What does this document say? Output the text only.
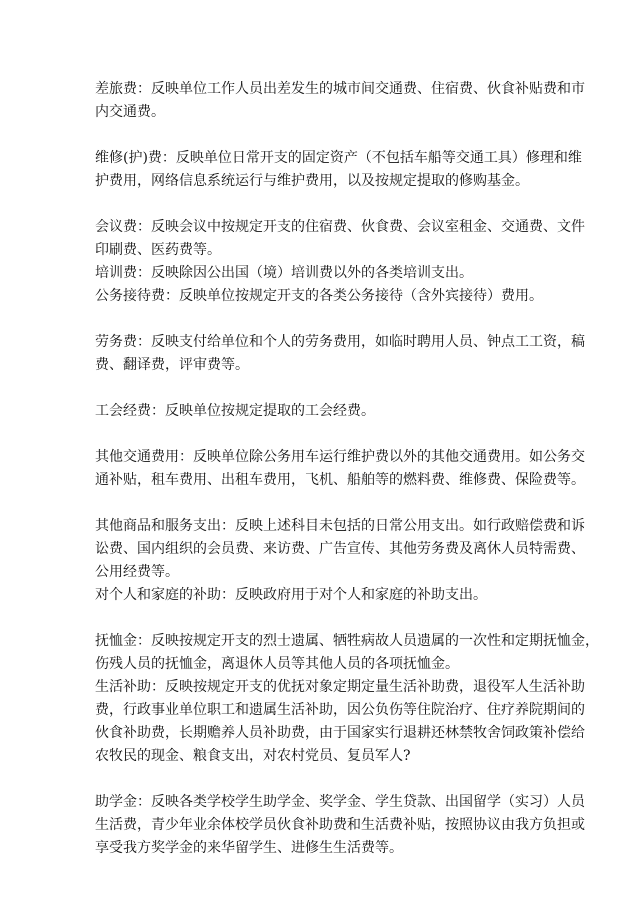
差旅费：反映单位工作人员出差发生的城市间交通费、住宿费、伙食补贴费和市
内交通费。
维修(护)费：反映单位日常开支的固定资产（不包括车船等交通工具）修理和维
护费用，网络信息系统运行与维护费用，以及按规定提取的修购基金。
会议费：反映会议中按规定开支的住宿费、伙食费、会议室租金、交通费、文件
印刷费、医药费等。
培训费：反映除因公出国（境）培训费以外的各类培训支出。
公务接待费：反映单位按规定开支的各类公务接待（含外宾接待）费用。
劳务费：反映支付给单位和个人的劳务费用，如临时聘用人员、钟点工工资，稿
费、翻译费，评审费等。
工会经费：反映单位按规定提取的工会经费。
其他交通费用：反映单位除公务用车运行维护费以外的其他交通费用。如公务交
通补贴，租车费用、出租车费用，飞机、船舶等的燃料费、维修费、保险费等。
其他商品和服务支出：反映上述科目未包括的日常公用支出。如行政赔偿费和诉
讼费、国内组织的会员费、来访费、广告宣传、其他劳务费及离休人员特需费、
公用经费等。
对个人和家庭的补助：反映政府用于对个人和家庭的补助支出。
抚恤金：反映按规定开支的烈士遗属、牺牲病故人员遗属的一次性和定期抚恤金，
伤残人员的抚恤金，离退休人员等其他人员的各项抚恤金。
生活补助：反映按规定开支的优抚对象定期定量生活补助费，退役军人生活补助
费，行政事业单位职工和遗属生活补助，因公负伤等住院治疗、住疗养院期间的
伙食补助费，长期赡养人员补助费，由于国家实行退耕还林禁牧舍饲政策补偿给
农牧民的现金、粮食支出，对农村党员、复员军人?
助学金：反映各类学校学生助学金、奖学金、学生贷款、出国留学（实习）人员
生活费，青少年业余体校学员伙食补助费和生活费补贴，按照协议由我方负担或
享受我方奖学金的来华留学生、进修生生活费等。
